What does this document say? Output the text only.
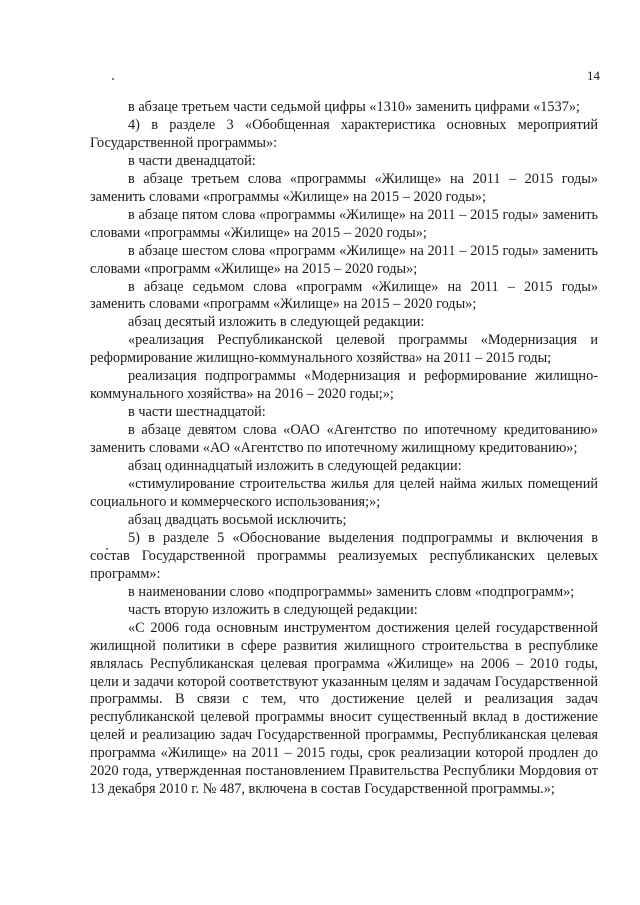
14

в абзаце третьем части седьмой цифры «1310» заменить цифрами «1537»;

4) в разделе 3 «Обобщенная характеристика основных мероприятий Государственной программы»:

в части двенадцатой:

в абзаце третьем слова «программы «Жилище» на 2011 – 2015 годы» заменить словами «программы «Жилище» на 2015 – 2020 годы»;

в абзаце пятом слова «программы «Жилище» на 2011 – 2015 годы» заменить словами «программы «Жилище» на 2015 – 2020 годы»;

в абзаце шестом слова «программ «Жилище» на 2011 – 2015 годы» заменить словами «программ «Жилище» на 2015 – 2020 годы»;

в абзаце седьмом слова «программ «Жилище» на 2011 – 2015 годы» заменить словами «программ «Жилище» на 2015 – 2020 годы»;

абзац десятый изложить в следующей редакции:

«реализация Республиканской целевой программы «Модернизация и реформирование жилищно-коммунального хозяйства» на 2011 – 2015 годы;

реализация подпрограммы «Модернизация и реформирование жилищно-коммунального хозяйства» на 2016 – 2020 годы;»;

в части шестнадцатой:

в абзаце девятом слова «ОАО «Агентство по ипотечному кредитованию» заменить словами «АО «Агентство по ипотечному жилищному кредитованию»;

абзац одиннадцатый изложить в следующей редакции:

«стимулирование строительства жилья для целей найма жилых помещений социального и коммерческого использования;»;

абзац двадцать восьмой исключить;

5) в разделе 5 «Обоснование выделения подпрограммы и включения в состав Государственной программы реализуемых республиканских целевых программ»:

в наименовании слово «подпрограммы» заменить словм «подпрограмм»;

часть вторую изложить в следующей редакции:

«С 2006 года основным инструментом достижения целей государственной жилищной политики в сфере развития жилищного строительства в республике являлась Республиканская целевая программа «Жилище» на 2006 – 2010 годы, цели и задачи которой соответствуют указанным целям и задачам Государственной программы. В связи с тем, что достижение целей и реализация задач республиканской целевой программы вносит существенный вклад в достижение целей и реализацию задач Государственной программы, Республиканская целевая программа «Жилище» на 2011 – 2015 годы, срок реализации которой продлен до 2020 года, утвержденная постановлением Правительства Республики Мордовия от 13 декабря 2010 г. № 487, включена в состав Государственной программы.»;
